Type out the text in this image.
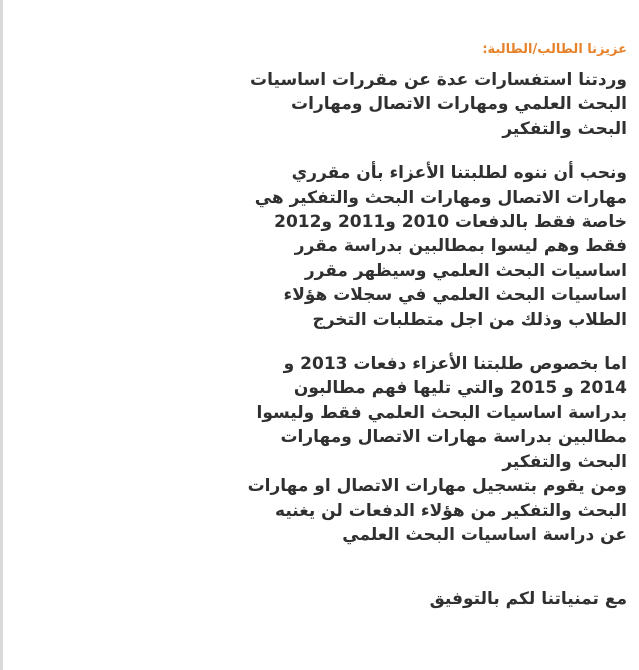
عزيزنا الطالب/الطالبة:

وردتنا استفسارات عدة عن مقررات اساسيات
البحث العلمي ومهارات الاتصال ومهارات
البحث والتفكير

ونحب أن ننوه لطلبتنا الأعزاء بأن مقرري
مهارات الاتصال ومهارات البحث والتفكير هي
خاصة فقط بالدفعات 2010 و2011 و2012
فقط وهم ليسوا بمطالبين بدراسة مقرر
اساسيات البحث العلمي وسيظهر مقرر
اساسيات البحث العلمي في سجلات هؤلاء
الطلاب وذلك من اجل متطلبات التخرج

اما بخصوص طلبتنا الأعزاء دفعات 2013 و
2014 و 2015 والتي تليها فهم مطالبون
بدراسة اساسيات البحث العلمي فقط وليسوا
مطالبين بدراسة مهارات الاتصال ومهارات
البحث والتفكير
ومن يقوم بتسجيل مهارات الاتصال او مهارات
البحث والتفكير من هؤلاء الدفعات لن يغنيه
عن دراسة اساسيات البحث العلمي

مع تمنياتنا لكم بالتوفيق
